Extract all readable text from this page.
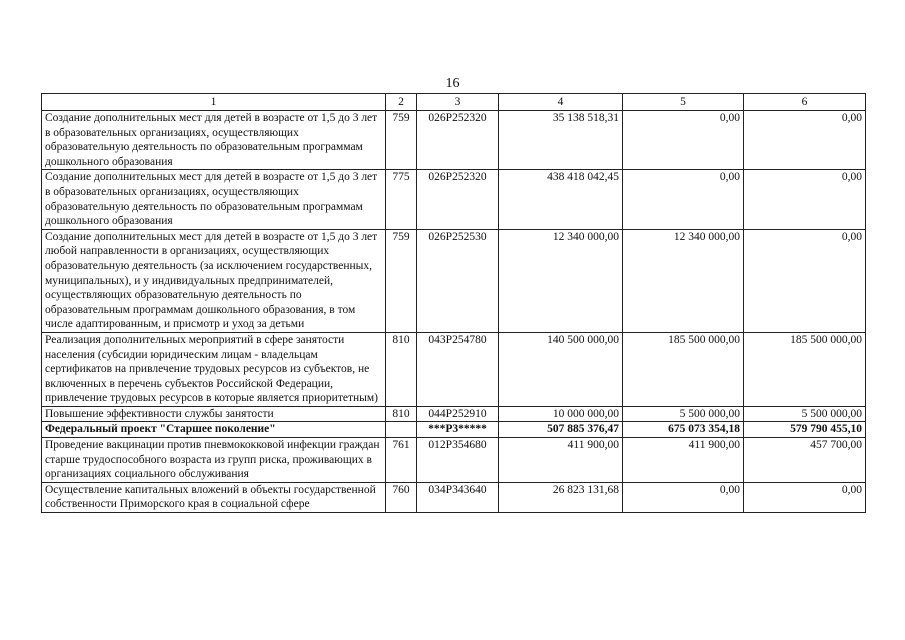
16
1	2	3	4	5	6
Создание дополнительных мест для детей в возрасте от 1,5 до 3 лет в образовательных организациях, осуществляющих образовательную деятельность по образовательным программам дошкольного образования	759	026P252320	35 138 518,31	0,00	0,00
Создание дополнительных мест для детей в возрасте от 1,5 до 3 лет в образовательных организациях, осуществляющих образовательную деятельность по образовательным программам дошкольного образования	775	026P252320	438 418 042,45	0,00	0,00
Создание дополнительных мест для детей в возрасте от 1,5 до 3 лет любой направленности в организациях, осуществляющих образовательную деятельность (за исключением государственных, муниципальных), и у индивидуальных предпринимателей, осуществляющих образовательную деятельность по образовательным программам дошкольного образования, в том числе адаптированным, и присмотр и уход за детьми	759	026P252530	12 340 000,00	12 340 000,00	0,00
Реализация дополнительных мероприятий в сфере занятости населения (субсидии юридическим лицам - владельцам сертификатов на привлечение трудовых ресурсов из субъектов, не включенных в перечень субъектов Российской Федерации, привлечение трудовых ресурсов в которые является приоритетным)	810	043P254780	140 500 000,00	185 500 000,00	185 500 000,00
Повышение эффективности службы занятости	810	044P252910	10 000 000,00	5 500 000,00	5 500 000,00
Федеральный проект "Старшее поколение"		***P3*****	507 885 376,47	675 073 354,18	579 790 455,10
Проведение вакцинации против пневмококковой инфекции граждан старше трудоспособного возраста из групп риска, проживающих в организациях социального обслуживания	761	012P354680	411 900,00	411 900,00	457 700,00
Осуществление капитальных вложений в объекты государственной собственности Приморского края в социальной сфере	760	034P343640	26 823 131,68	0,00	0,00
